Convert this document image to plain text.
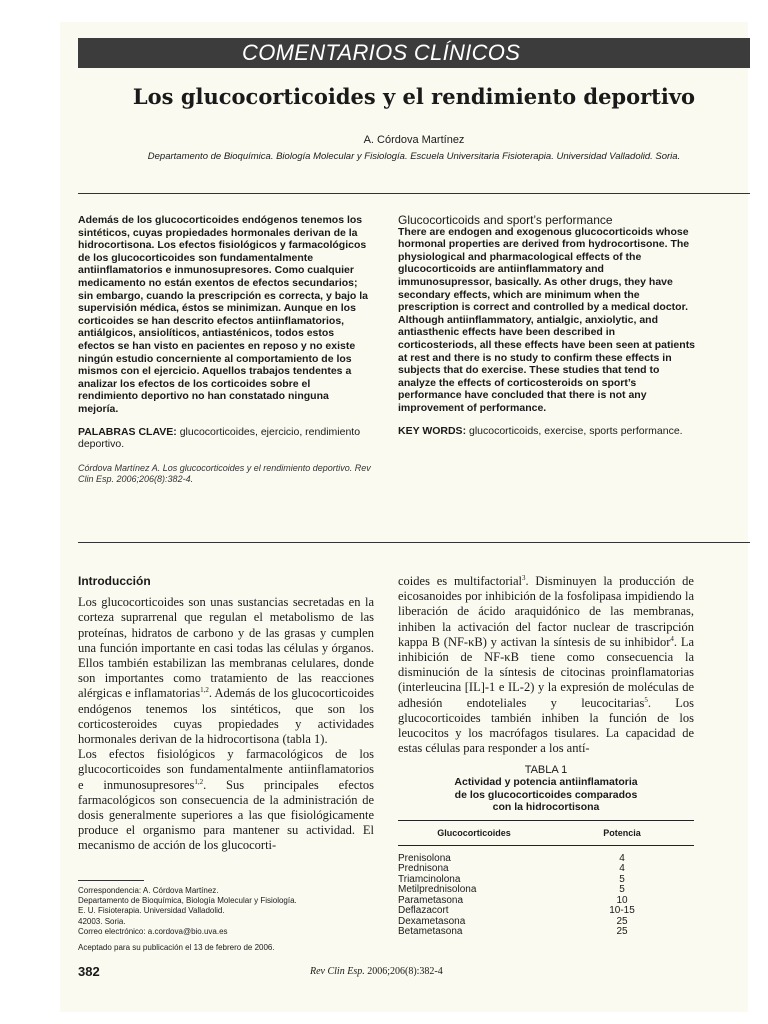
COMENTARIOS CLÍNICOS
Los glucocorticoides y el rendimiento deportivo
A. Córdova Martínez
Departamento de Bioquímica. Biología Molecular y Fisiología. Escuela Universitaria Fisioterapia. Universidad Valladolid. Soria.

Además de los glucocorticoides endógenos tenemos los sintéticos, cuyas propiedades hormonales derivan de la hidrocortisona. Los efectos fisiológicos y farmacológicos de los glucocorticoides son fundamentalmente antiinflamatorios e inmunosupresores. Como cualquier medicamento no están exentos de efectos secundarios; sin embargo, cuando la prescripción es correcta, y bajo la supervisión médica, éstos se minimizan. Aunque en los corticoides se han descrito efectos antiinflamatorios, antiálgicos, ansiolíticos, antiasténicos, todos estos efectos se han visto en pacientes en reposo y no existe ningún estudio concerniente al comportamiento de los mismos con el ejercicio. Aquellos trabajos tendentes a analizar los efectos de los corticoides sobre el rendimiento deportivo no han constatado ninguna mejoría.

PALABRAS CLAVE: glucocorticoides, ejercicio, rendimiento deportivo.
Córdova Martínez A. Los glucocorticoides y el rendimiento deportivo. Rev Clin Esp. 2006;206(8):382-4.

Glucocorticoids and sport’s performance

There are endogen and exogenous glucocorticoids whose hormonal properties are derived from hydrocortisone. The physiological and pharmacological effects of the glucocorticoids are antiinflammatory and immunosupressor, basically. As other drugs, they have secondary effects, which are minimum when the prescription is correct and controlled by a medical doctor. Although antiinflammatory, antialgic, anxiolytic, and antiasthenic effects have been described in corticosteriods, all these effects have been seen at patients at rest and there is no study to confirm these effects in subjects that do exercise. These studies that tend to analyze the effects of corticosteroids on sport’s performance have concluded that there is not any improvement of performance.

KEY WORDS: glucocorticoids, exercise, sports performance.
Introducción

Los glucocorticoides son unas sustancias secretadas en la corteza suprarrenal que regulan el metabolismo de las proteínas, hidratos de carbono y de las grasas y cumplen una función importante en casi todas las células y órganos. Ellos también estabilizan las membranas celulares, donde son importantes como tratamiento de las reacciones alérgicas e inflamatorias$^{1,2}$. Además de los glucocorticoides endógenos tenemos los sintéticos, que son los corticosteroides cuyas propiedades y actividades hormonales derivan de la hidrocortisona (tabla 1).

Los efectos fisiológicos y farmacológicos de los glucocorticoides son fundamentalmente antiinflamatorios e inmunosupresores$^{1,2}$. Sus principales efectos farmacológicos son consecuencia de la administración de dosis generalmente superiores a las que fisiológicamente produce el organismo para mantener su actividad. El mecanismo de acción de los glucocorti-

coides es multifactorial$^3$. Disminuyen la producción de eicosanoides por inhibición de la fosfolipasa impidiendo la liberación de ácido araquidónico de las membranas, inhiben la activación del factor nuclear de trascripción kappa B (NF-κB) y activan la síntesis de su inhibidor$^4$. La inhibición de NF-κB tiene como consecuencia la disminución de la síntesis de citocinas proinflamatorias (interleucina [IL]-1 e IL-2) y la expresión de moléculas de adhesión endoteliales y leucocitarias$^5$. Los glucocorticoides también inhiben la función de los leucocitos y los macrófagos tisulares. La capacidad de estas células para responder a los antí-

TABLA 1
Actividad y potencia antiinflamatoria
de los glucocorticoides comparados
con la hidrocortisona
Glucocorticoides	Potencia
Prenisolona	4
Prednisona	4
Triamcinolona	5
Metilprednisolona	5
Parametasona	10
Deflazacort	10-15
Dexametasona	25
Betametasona	25
Correspondencia: A. Córdova Martínez.
Departamento de Bioquímica, Biología Molecular y Fisiología.
E. U. Fisioterapia. Universidad Valladolid.
42003. Soria.
Correo electrónico: a.cordova@bio.uva.es
Aceptado para su publicación el 13 de febrero de 2006.
382	Rev Clin Esp. 2006;206(8):382-4
